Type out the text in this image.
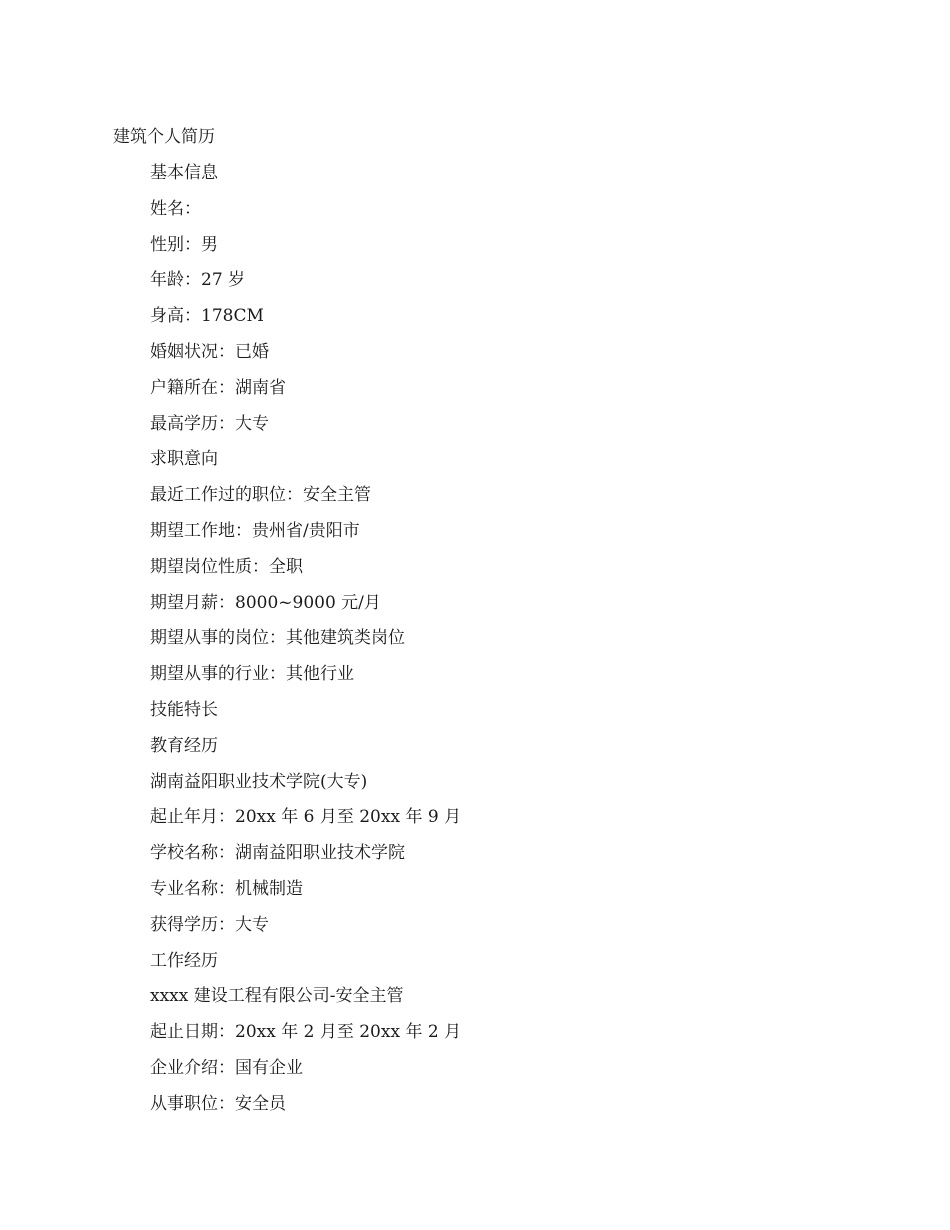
建筑个人简历
基本信息
姓名：
性别：男
年龄：27 岁
身高：178CM
婚姻状况：已婚
户籍所在：湖南省
最高学历：大专
求职意向
最近工作过的职位：安全主管
期望工作地：贵州省/贵阳市
期望岗位性质：全职
期望月薪：8000~9000 元/月
期望从事的岗位：其他建筑类岗位
期望从事的行业：其他行业
技能特长
教育经历
湖南益阳职业技术学院(大专)
起止年月：20xx 年 6 月至 20xx 年 9 月
学校名称：湖南益阳职业技术学院
专业名称：机械制造
获得学历：大专
工作经历
xxxx 建设工程有限公司-安全主管
起止日期：20xx 年 2 月至 20xx 年 2 月
企业介绍：国有企业
从事职位：安全员
